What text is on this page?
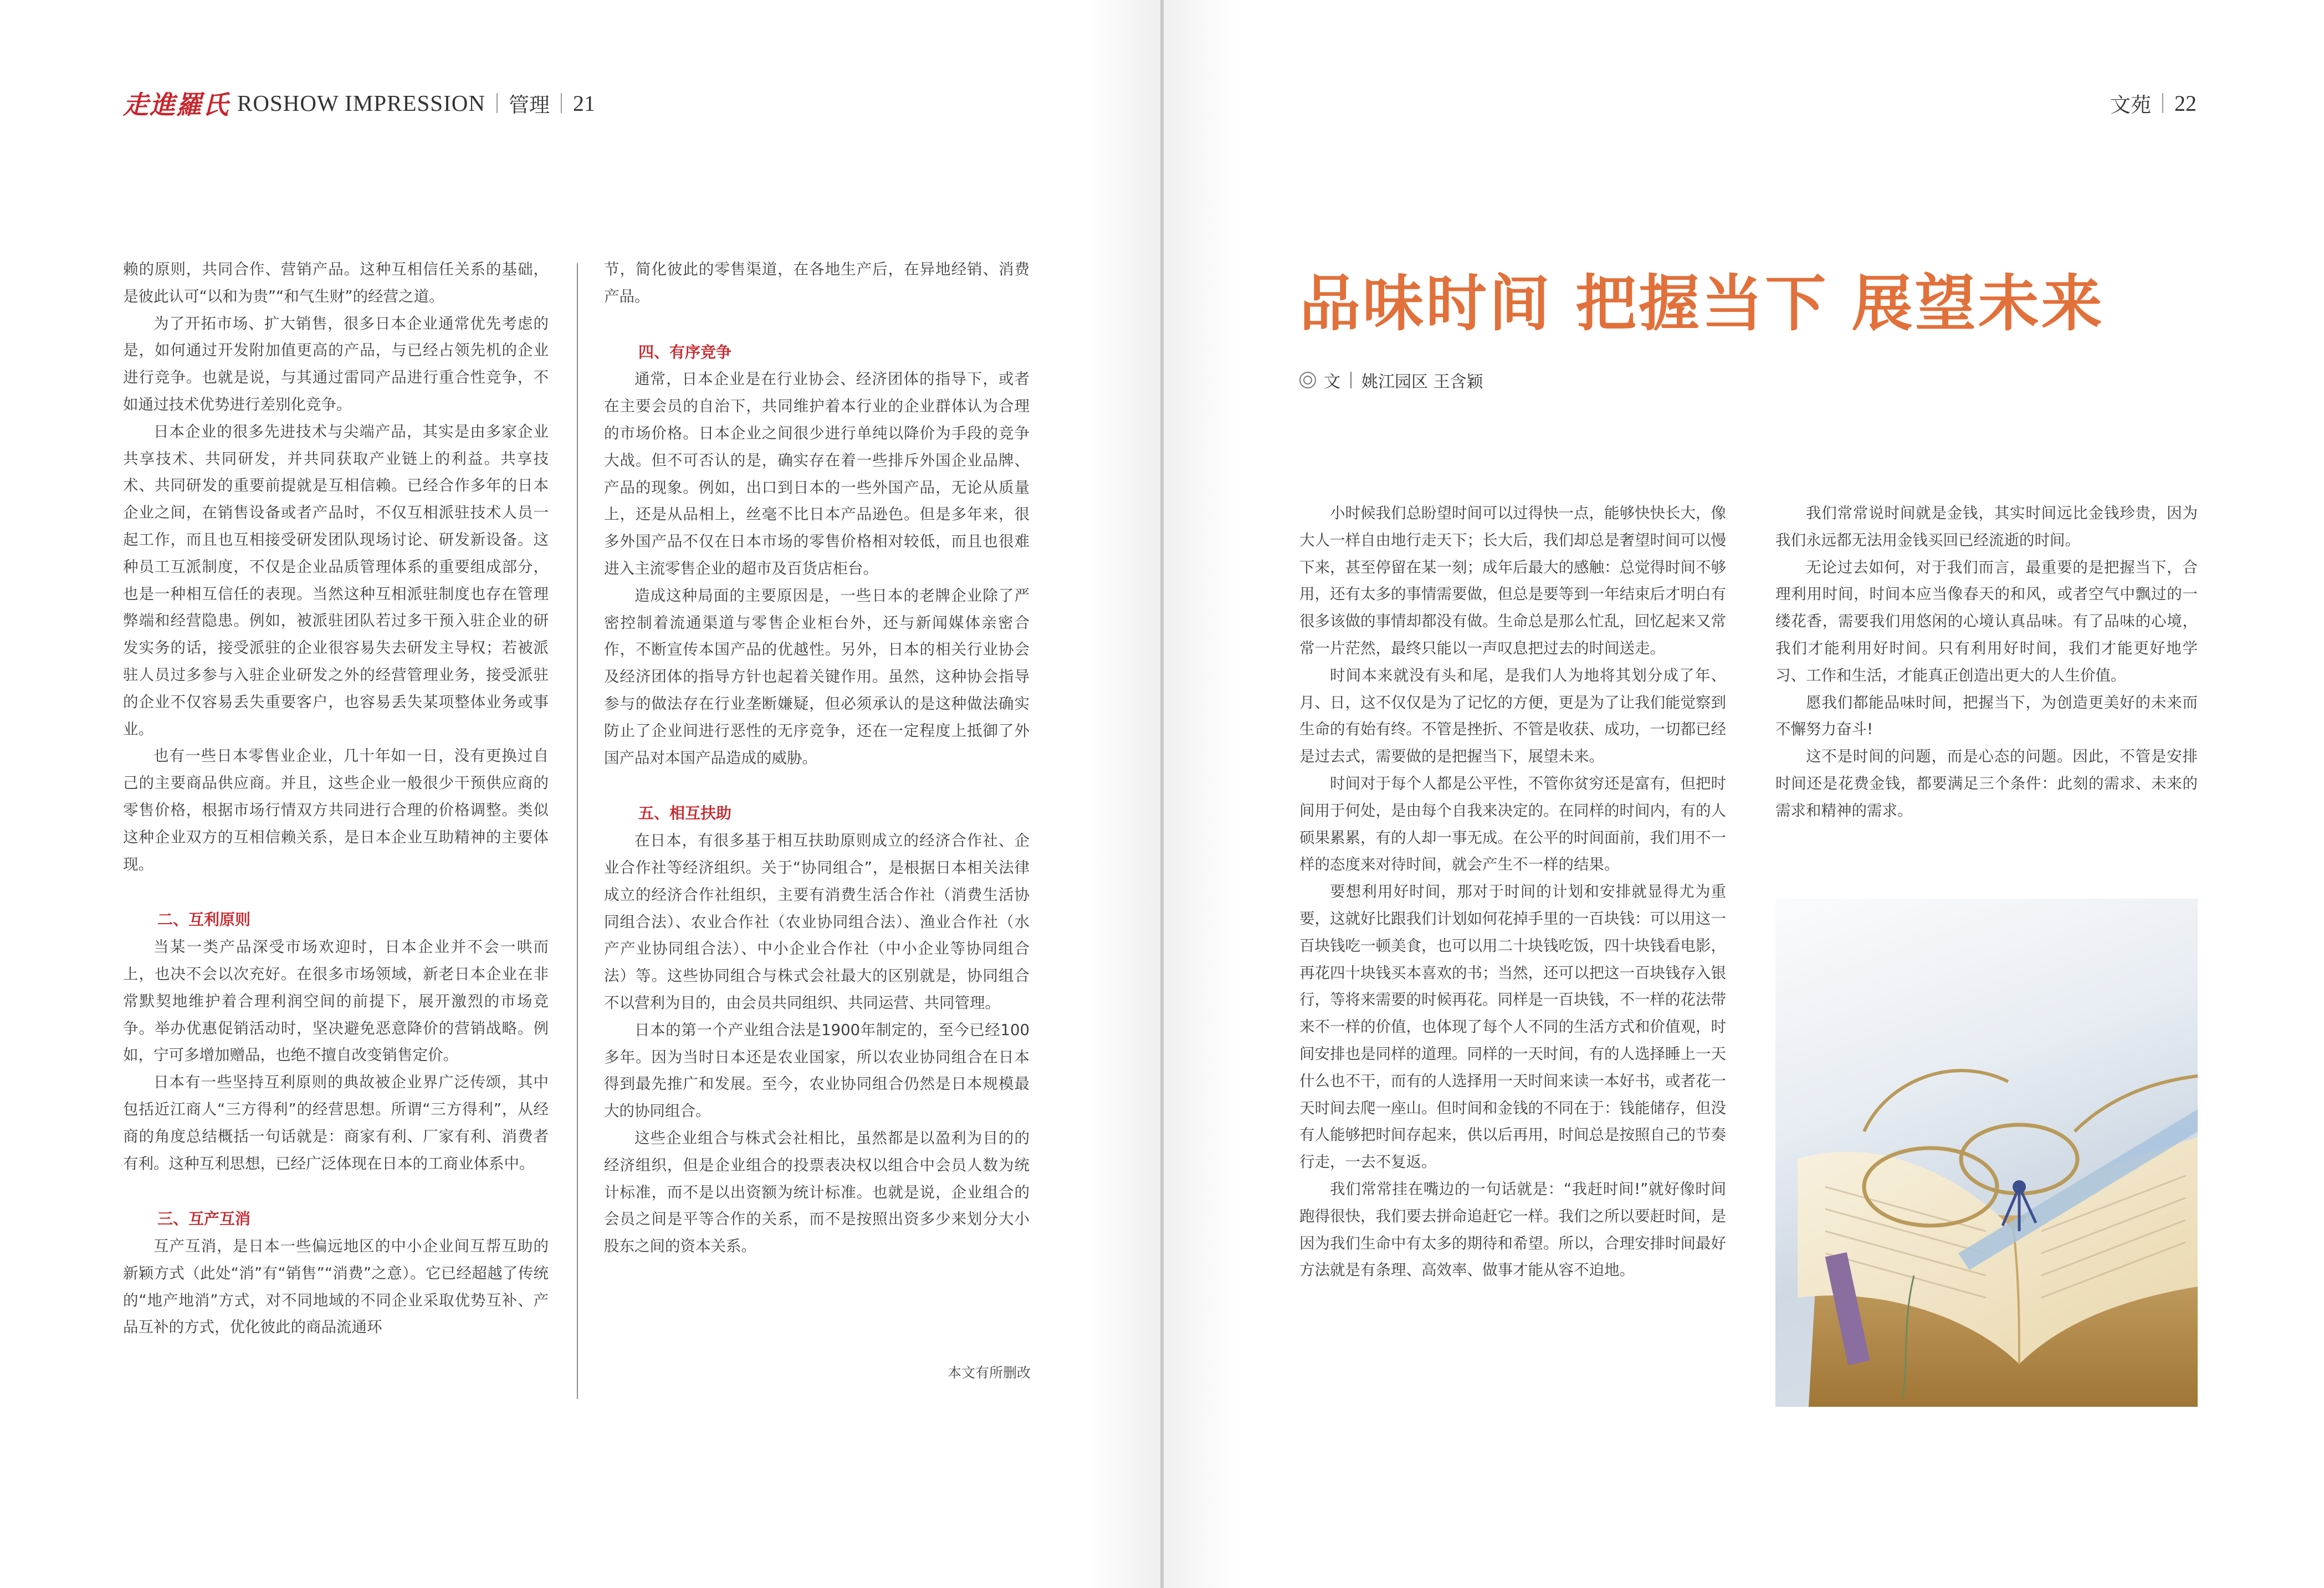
走進羅氏 ROSHOW IMPRESSION 管理 21	文苑 22

赖的原则，共同合作、营销产品。这种互相信任关系的基础，是彼此认可“以和为贵”“和气生财”的经营之道。

为了开拓市场、扩大销售，很多日本企业通常优先考虑的是，如何通过开发附加值更高的产品，与已经占领先机的企业进行竞争。也就是说，与其通过雷同产品进行重合性竞争，不如通过技术优势进行差别化竞争。

日本企业的很多先进技术与尖端产品，其实是由多家企业共享技术、共同研发，并共同获取产业链上的利益。共享技术、共同研发的重要前提就是互相信赖。已经合作多年的日本企业之间，在销售设备或者产品时，不仅互相派驻技术人员一起工作，而且也互相接受研发团队现场讨论、研发新设备。这种员工互派制度，不仅是企业品质管理体系的重要组成部分，也是一种相互信任的表现。当然这种互相派驻制度也存在管理弊端和经营隐患。例如，被派驻团队若过多干预入驻企业的研发实务的话，接受派驻的企业很容易失去研发主导权；若被派驻人员过多参与入驻企业研发之外的经营管理业务，接受派驻的企业不仅容易丢失重要客户，也容易丢失某项整体业务或事业。

也有一些日本零售业企业，几十年如一日，没有更换过自己的主要商品供应商。并且，这些企业一般很少干预供应商的零售价格，根据市场行情双方共同进行合理的价格调整。类似这种企业双方的互相信赖关系，是日本企业互助精神的主要体现。

二、互利原则

当某一类产品深受市场欢迎时，日本企业并不会一哄而上，也决不会以次充好。在很多市场领域，新老日本企业在非常默契地维护着合理利润空间的前提下，展开激烈的市场竞争。举办优惠促销活动时，坚决避免恶意降价的营销战略。例如，宁可多增加赠品，也绝不擅自改变销售定价。

日本有一些坚持互利原则的典故被企业界广泛传颂，其中包括近江商人“三方得利”的经营思想。所谓“三方得利”，从经商的角度总结概括一句话就是：商家有利、厂家有利、消费者有利。这种互利思想，已经广泛体现在日本的工商业体系中。

三、互产互消

互产互消，是日本一些偏远地区的中小企业间互帮互助的新颖方式（此处“消”有“销售”“消费”之意）。它已经超越了传统的“地产地消”方式，对不同地域的不同企业采取优势互补、产品互补的方式，优化彼此的商品流通环

节，简化彼此的零售渠道，在各地生产后，在异地经销、消费产品。

四、有序竞争

通常，日本企业是在行业协会、经济团体的指导下，或者在主要会员的自治下，共同维护着本行业的企业群体认为合理的市场价格。日本企业之间很少进行单纯以降价为手段的竞争大战。但不可否认的是，确实存在着一些排斥外国企业品牌、产品的现象。例如，出口到日本的一些外国产品，无论从质量上，还是从品相上，丝毫不比日本产品逊色。但是多年来，很多外国产品不仅在日本市场的零售价格相对较低，而且也很难进入主流零售企业的超市及百货店柜台。

造成这种局面的主要原因是，一些日本的老牌企业除了严密控制着流通渠道与零售企业柜台外，还与新闻媒体亲密合作，不断宣传本国产品的优越性。另外，日本的相关行业协会及经济团体的指导方针也起着关键作用。虽然，这种协会指导参与的做法存在行业垄断嫌疑，但必须承认的是这种做法确实防止了企业间进行恶性的无序竞争，还在一定程度上抵御了外国产品对本国产品造成的威胁。

五、相互扶助

在日本，有很多基于相互扶助原则成立的经济合作社、企业合作社等经济组织。关于“协同组合”，是根据日本相关法律成立的经济合作社组织，主要有消费生活合作社（消费生活协同组合法）、农业合作社（农业协同组合法）、渔业合作社（水产产业协同组合法）、中小企业合作社（中小企业等协同组合法）等。这些协同组合与株式会社最大的区别就是，协同组合不以营利为目的，由会员共同组织、共同运营、共同管理。

日本的第一个产业组合法是1900年制定的，至今已经100多年。因为当时日本还是农业国家，所以农业协同组合在日本得到最先推广和发展。至今，农业协同组合仍然是日本规模最大的协同组合。

这些企业组合与株式会社相比，虽然都是以盈利为目的的经济组织，但是企业组合的投票表决权以组合中会员人数为统计标准，而不是以出资额为统计标准。也就是说，企业组合的会员之间是平等合作的关系，而不是按照出资多少来划分大小股东之间的资本关系。

本文有所删改
品味时间 把握当下 展望未来
文 姚江园区 王含颖

小时候我们总盼望时间可以过得快一点，能够快快长大，像大人一样自由地行走天下；长大后，我们却总是奢望时间可以慢下来，甚至停留在某一刻；成年后最大的感触：总觉得时间不够用，还有太多的事情需要做，但总是要等到一年结束后才明白有很多该做的事情却都没有做。生命总是那么忙乱，回忆起来又常常一片茫然，最终只能以一声叹息把过去的时间送走。

时间本来就没有头和尾，是我们人为地将其划分成了年、月、日，这不仅仅是为了记忆的方便，更是为了让我们能觉察到生命的有始有终。不管是挫折、不管是收获、成功，一切都已经是过去式，需要做的是把握当下，展望未来。

时间对于每个人都是公平性，不管你贫穷还是富有，但把时间用于何处，是由每个自我来决定的。在同样的时间内，有的人硕果累累，有的人却一事无成。在公平的时间面前，我们用不一样的态度来对待时间，就会产生不一样的结果。

要想利用好时间，那对于时间的计划和安排就显得尤为重要，这就好比跟我们计划如何花掉手里的一百块钱：可以用这一百块钱吃一顿美食，也可以用二十块钱吃饭，四十块钱看电影，再花四十块钱买本喜欢的书；当然，还可以把这一百块钱存入银行，等将来需要的时候再花。同样是一百块钱，不一样的花法带来不一样的价值，也体现了每个人不同的生活方式和价值观，时间安排也是同样的道理。同样的一天时间，有的人选择睡上一天什么也不干，而有的人选择用一天时间来读一本好书，或者花一天时间去爬一座山。但时间和金钱的不同在于：钱能储存，但没有人能够把时间存起来，供以后再用，时间总是按照自己的节奏行走，一去不复返。

我们常常挂在嘴边的一句话就是：“我赶时间!”就好像时间跑得很快，我们要去拼命追赶它一样。我们之所以要赶时间，是因为我们生命中有太多的期待和希望。所以，合理安排时间最好方法就是有条理、高效率、做事才能从容不迫地。

我们常常说时间就是金钱，其实时间远比金钱珍贵，因为我们永远都无法用金钱买回已经流逝的时间。

无论过去如何，对于我们而言，最重要的是把握当下，合理利用时间，时间本应当像春天的和风，或者空气中飘过的一缕花香，需要我们用悠闲的心境认真品味。有了品味的心境，我们才能利用好时间。只有利用好时间，我们才能更好地学习、工作和生活，才能真正创造出更大的人生价值。

愿我们都能品味时间，把握当下，为创造更美好的未来而不懈努力奋斗!

这不是时间的问题，而是心态的问题。因此，不管是安排时间还是花费金钱，都要满足三个条件：此刻的需求、未来的需求和精神的需求。
